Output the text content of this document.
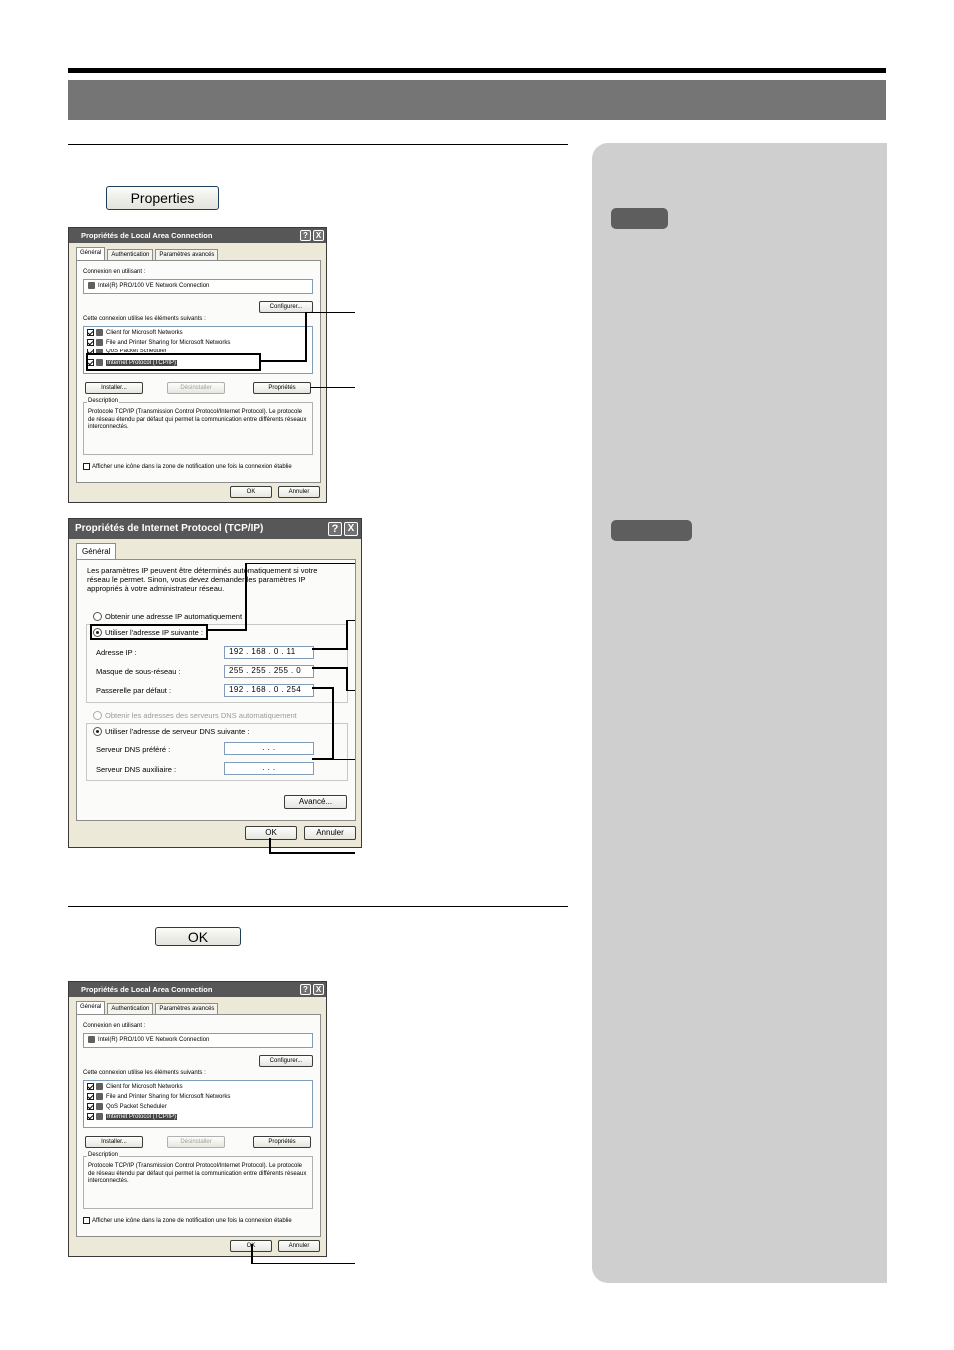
Properties
OK
Propriétés de Local Area Connection	? X
Général	Authentication	Paramètres avancés
Connexion en utilisant :
Intel(R) PRO/100 VE Network Connection
Configurer...
Cette connexion utilise les éléments suivants :
Client for Microsoft Networks
File and Printer Sharing for Microsoft Networks
QoS Packet Scheduler
Internet Protocol (TCP/IP)
Installer...	Désinstaller	Propriétés
Description
Protocole TCP/IP (Transmission Control Protocol/Internet Protocol). Le protocole de réseau étendu par défaut qui permet la communication entre différents réseaux interconnectés.
Afficher une icône dans la zone de notification une fois la connexion établie
OK	Annuler
Propriétés de Internet Protocol (TCP/IP)	? X
Général
Les paramètres IP peuvent être déterminés automatiquement si votre réseau le permet. Sinon, vous devez demander les paramètres IP appropriés à votre administrateur réseau.
Obtenir une adresse IP automatiquement
Utiliser l'adresse IP suivante :
Adresse IP :	192 . 168 . 0 . 11
Masque de sous-réseau :	255 . 255 . 255 . 0
Passerelle par défaut :	192 . 168 . 0 . 254
Obtenir les adresses des serveurs DNS automatiquement
Utiliser l'adresse de serveur DNS suivante :
Serveur DNS préféré :	. . .
Serveur DNS auxiliaire :	. . .
Avancé...
OK	Annuler
Propriétés de Local Area Connection	? X
Général	Authentication	Paramètres avancés
Connexion en utilisant :
Intel(R) PRO/100 VE Network Connection
Configurer...
Cette connexion utilise les éléments suivants :
Client for Microsoft Networks
File and Printer Sharing for Microsoft Networks
QoS Packet Scheduler
Internet Protocol (TCP/IP)
Installer...	Désinstaller	Propriétés
Description
Protocole TCP/IP (Transmission Control Protocol/Internet Protocol). Le protocole de réseau étendu par défaut qui permet la communication entre différents réseaux interconnectés.
Afficher une icône dans la zone de notification une fois la connexion établie
OK	Annuler
